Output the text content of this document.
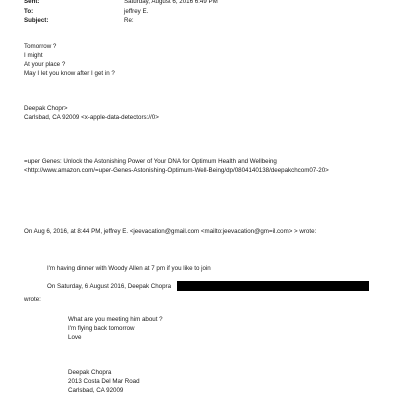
Sent:	Saturday, August 6, 2016 6:49 PM
To:	jeffrey E.
Subject:	Re:
Tomorrow ?
I might
At your place ?
May I let you know after I get in ?
Deepak Chopr>
Carlsbad, CA 92009 <x-apple-data-detectors://0>
=uper Genes: Unlock the Astonishing Power of Your DNA for Optimum Health and Wellbeing
<http://www.amazon.com/=uper-Genes-Astonishing-Optimum-Well-Being/dp/0804140138/deepakchcom07-20>
On Aug 6, 2016, at 8:44 PM, jeffrey E. <jeevacation@gmail.com <mailto:jeevacation@gm=il.com> > wrote:
I'm having dinner with Woody Allen at 7 pm if you like to join
On Saturday, 6 August 2016, Deepak Chopra
wrote:
What are you meeting him about ?
I'm flying back tomorrow
Love
Deepak Chopra
2013 Costa Del Mar Road
Carlsbad, CA 92009
